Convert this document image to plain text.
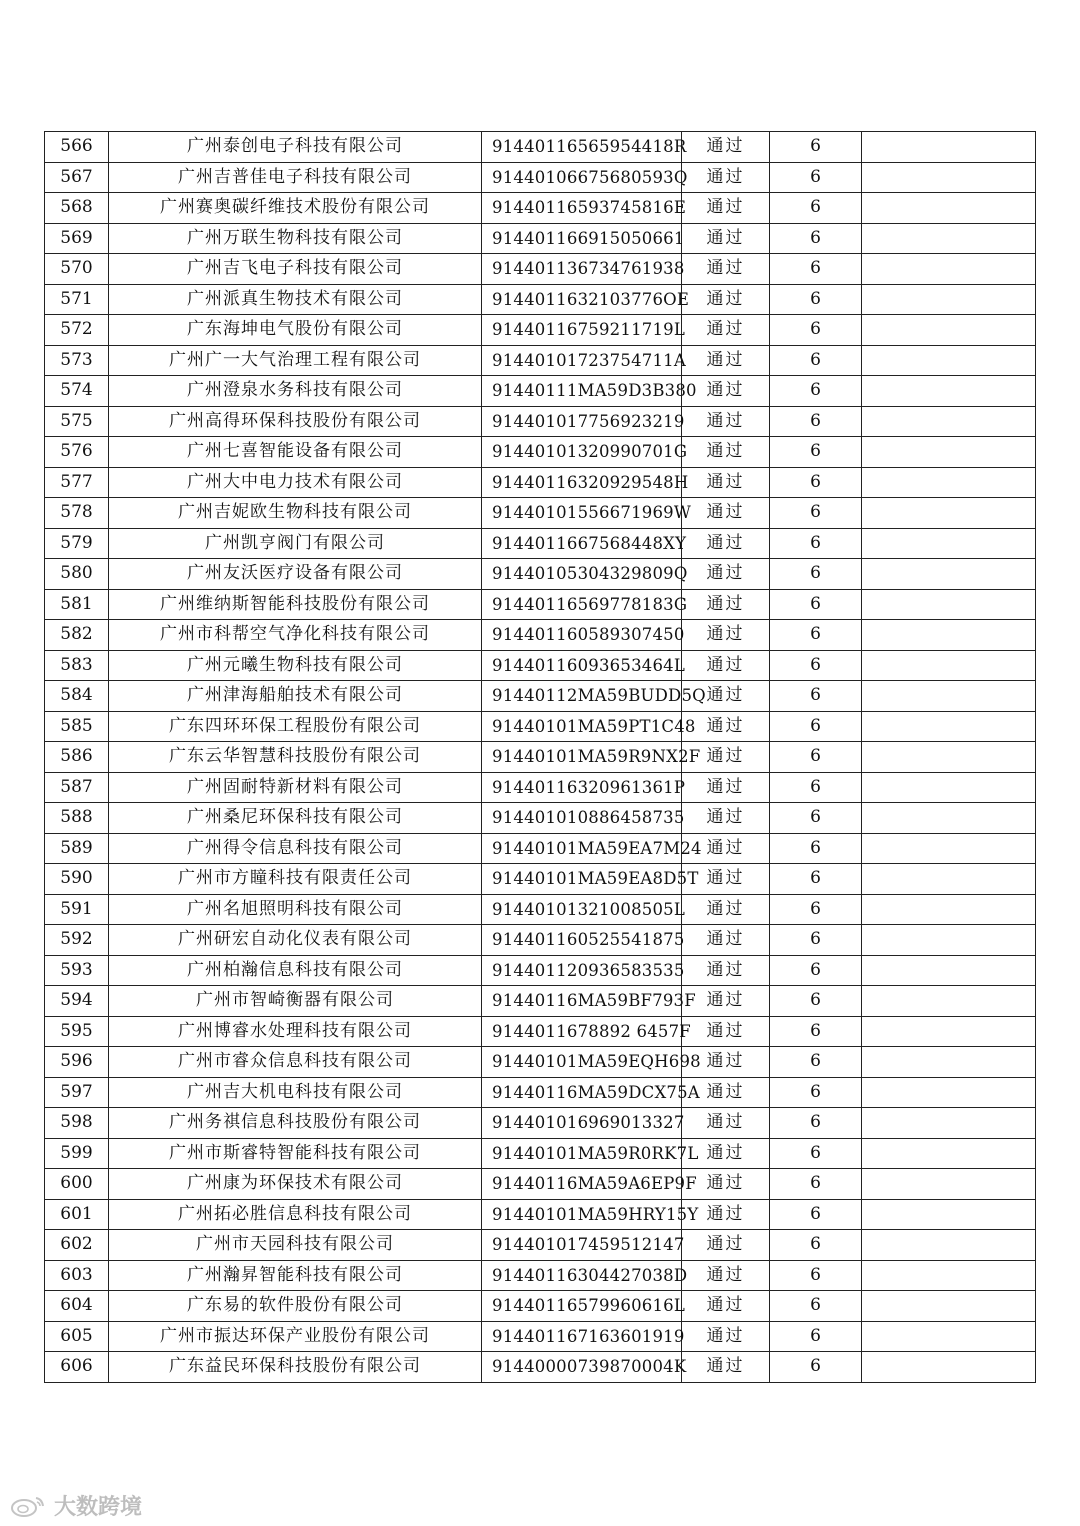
566	广州泰创电子科技有限公司	91440116565954418R	通过	6	
567	广州吉普佳电子科技有限公司	91440106675680593Q	通过	6	
568	广州赛奥碳纤维技术股份有限公司	91440116593745816E	通过	6	
569	广州万联生物科技有限公司	914401166915050661	通过	6	
570	广州吉飞电子科技有限公司	914401136734761938	通过	6	
571	广州派真生物技术有限公司	9144011632103776OE	通过	6	
572	广东海坤电气股份有限公司	91440116759211719L	通过	6	
573	广州广一大气治理工程有限公司	91440101723754711A	通过	6	
574	广州澄泉水务科技有限公司	91440111MA59D3B380	通过	6	
575	广州高得环保科技股份有限公司	914401017756923219	通过	6	
576	广州七喜智能设备有限公司	91440101320990701G	通过	6	
577	广州大中电力技术有限公司	91440116320929548H	通过	6	
578	广州吉妮欧生物科技有限公司	91440101556671969W	通过	6	
579	广州凯亨阀门有限公司	9144011667568448XY	通过	6	
580	广州友沃医疗设备有限公司	91440105304329809Q	通过	6	
581	广州维纳斯智能科技股份有限公司	91440116569778183G	通过	6	
582	广州市科帮空气净化科技有限公司	914401160589307450	通过	6	
583	广州元曦生物科技有限公司	91440116093653464L	通过	6	
584	广州津海船舶技术有限公司	91440112MA59BUDD5Q	通过	6	
585	广东四环环保工程股份有限公司	91440101MA59PT1C48	通过	6	
586	广东云华智慧科技股份有限公司	91440101MA59R9NX2F	通过	6	
587	广州固耐特新材料有限公司	91440116320961361P	通过	6	
588	广州桑尼环保科技有限公司	914401010886458735	通过	6	
589	广州得令信息科技有限公司	91440101MA59EA7M24	通过	6	
590	广州市方瞳科技有限责任公司	91440101MA59EA8D5T	通过	6	
591	广州名旭照明科技有限公司	91440101321008505L	通过	6	
592	广州研宏自动化仪表有限公司	914401160525541875	通过	6	
593	广州柏瀚信息科技有限公司	914401120936583535	通过	6	
594	广州市智崎衡器有限公司	91440116MA59BF793F	通过	6	
595	广州博睿水处理科技有限公司	9144011678892 6457F	通过	6	
596	广州市睿众信息科技有限公司	91440101MA59EQH698	通过	6	
597	广州吉大机电科技有限公司	91440116MA59DCX75A	通过	6	
598	广州务祺信息科技股份有限公司	914401016969013327	通过	6	
599	广州市斯睿特智能科技有限公司	91440101MA59R0RK7L	通过	6	
600	广州康为环保技术有限公司	91440116MA59A6EP9F	通过	6	
601	广州拓必胜信息科技有限公司	91440101MA59HRY15Y	通过	6	
602	广州市天园科技有限公司	914401017459512147	通过	6	
603	广州瀚昇智能科技有限公司	91440116304427038D	通过	6	
604	广东易的软件股份有限公司	91440116579960616L	通过	6	
605	广州市振达环保产业股份有限公司	914401167163601919	通过	6	
606	广东益民环保科技股份有限公司	91440000739870004K	通过	6	
大数跨境
